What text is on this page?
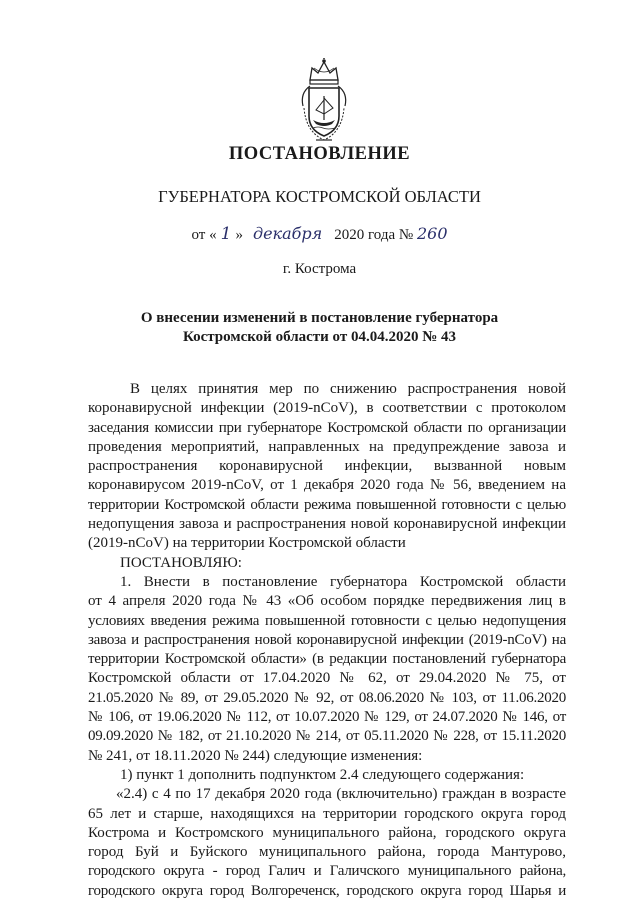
ПОСТАНОВЛЕНИЕ
ГУБЕРНАТОРА КОСТРОМСКОЙ ОБЛАСТИ
от « 1 » декабря 2020 года № 260
г. Кострома
О внесении изменений в постановление губернатора
Костромской области от 04.04.2020 № 43
В целях принятия мер по снижению распространения новой
коронавирусной инфекции (2019-nCoV), в соответствии с протоколом
заседания комиссии при губернаторе Костромской области по организации
проведения мероприятий, направленных на предупреждение завоза и
распространения коронавирусной инфекции, вызванной новым
коронавирусом 2019-nCoV, от 1 декабря 2020 года № 56, введением на
территории Костромской области режима повышенной готовности с целью
недопущения завоза и распространения новой коронавирусной инфекции
(2019-nCoV) на территории Костромской области
ПОСТАНОВЛЯЮ:
1. Внести в постановление губернатора Костромской области
от 4 апреля 2020 года № 43 «Об особом порядке передвижения лиц в
условиях введения режима повышенной готовности с целью недопущения
завоза и распространения новой коронавирусной инфекции (2019-nCoV) на
территории Костромской области» (в редакции постановлений губернатора
Костромской области от 17.04.2020 № 62, от 29.04.2020 № 75, от
21.05.2020 № 89, от 29.05.2020 № 92, от 08.06.2020 № 103, от 11.06.2020
№ 106, от 19.06.2020 № 112, от 10.07.2020 № 129, от 24.07.2020 № 146, от
09.09.2020 № 182, от 21.10.2020 № 214, от 05.11.2020 № 228, от 15.11.2020
№ 241, от 18.11.2020 № 244) следующие изменения:
1) пункт 1 дополнить подпунктом 2.4 следующего содержания:
«2.4) с 4 по 17 декабря 2020 года (включительно) граждан в возрасте
65 лет и старше, находящихся на территории городского округа город
Кострома и Костромского муниципального района, городского округа
город Буй и Буйского муниципального района, города Мантурово,
городского округа - город Галич и Галичского муниципального района,
городского округа город Волгореченск, городского округа город Шарья и
